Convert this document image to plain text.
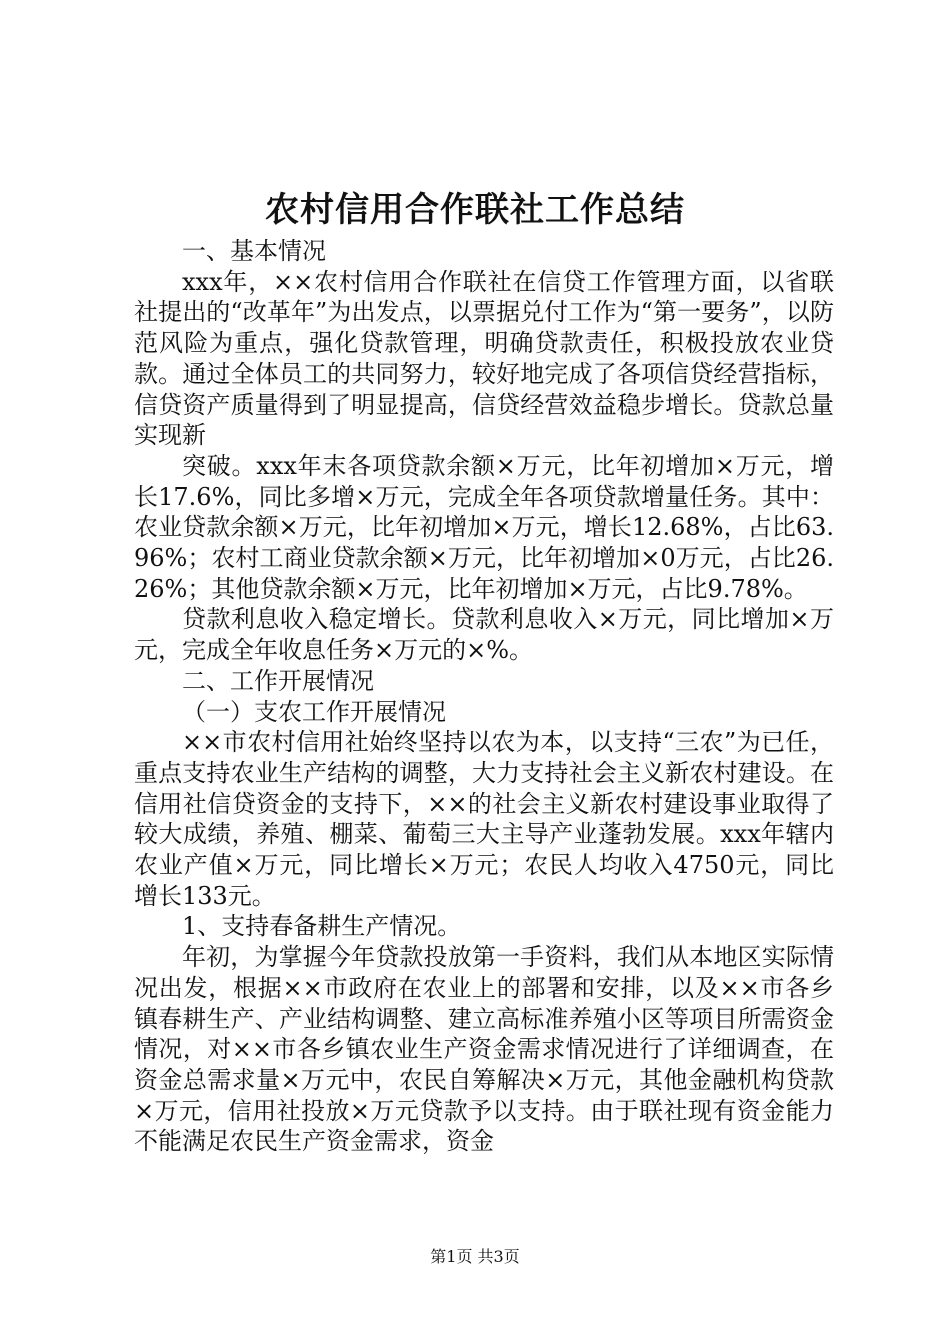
农村信用合作联社工作总结

一、基本情况

xxx年，××农村信用合作联社在信贷工作管理方面，以省联社提出的“改革年”为出发点，以票据兑付工作为“第一要务”，以防范风险为重点，强化贷款管理，明确贷款责任，积极投放农业贷款。通过全体员工的共同努力，较好地完成了各项信贷经营指标，信贷资产质量得到了明显提高，信贷经营效益稳步增长。贷款总量实现新

突破。xxx年末各项贷款余额×万元，比年初增加×万元，增长17.6%，同比多增×万元，完成全年各项贷款增量任务。其中：农业贷款余额×万元，比年初增加×万元，增长12.68%，占比63.96%；农村工商业贷款余额×万元，比年初增加×0万元，占比26.26%；其他贷款余额×万元，比年初增加×万元，占比9.78%。

贷款利息收入稳定增长。贷款利息收入×万元，同比增加×万元，完成全年收息任务×万元的×%。

二、工作开展情况

（一）支农工作开展情况

××市农村信用社始终坚持以农为本，以支持“三农”为已任，重点支持农业生产结构的调整，大力支持社会主义新农村建设。在信用社信贷资金的支持下，××的社会主义新农村建设事业取得了较大成绩，养殖、棚菜、葡萄三大主导产业蓬勃发展。xxx年辖内农业产值×万元，同比增长×万元；农民人均收入4750元，同比增长133元。

1、支持春备耕生产情况。

年初，为掌握今年贷款投放第一手资料，我们从本地区实际情况出发，根据××市政府在农业上的部署和安排，以及××市各乡镇春耕生产、产业结构调整、建立高标准养殖小区等项目所需资金情况，对××市各乡镇农业生产资金需求情况进行了详细调查，在资金总需求量×万元中，农民自筹解决×万元，其他金融机构贷款×万元，信用社投放×万元贷款予以支持。由于联社现有资金能力不能满足农民生产资金需求，资金

第1页 共3页
